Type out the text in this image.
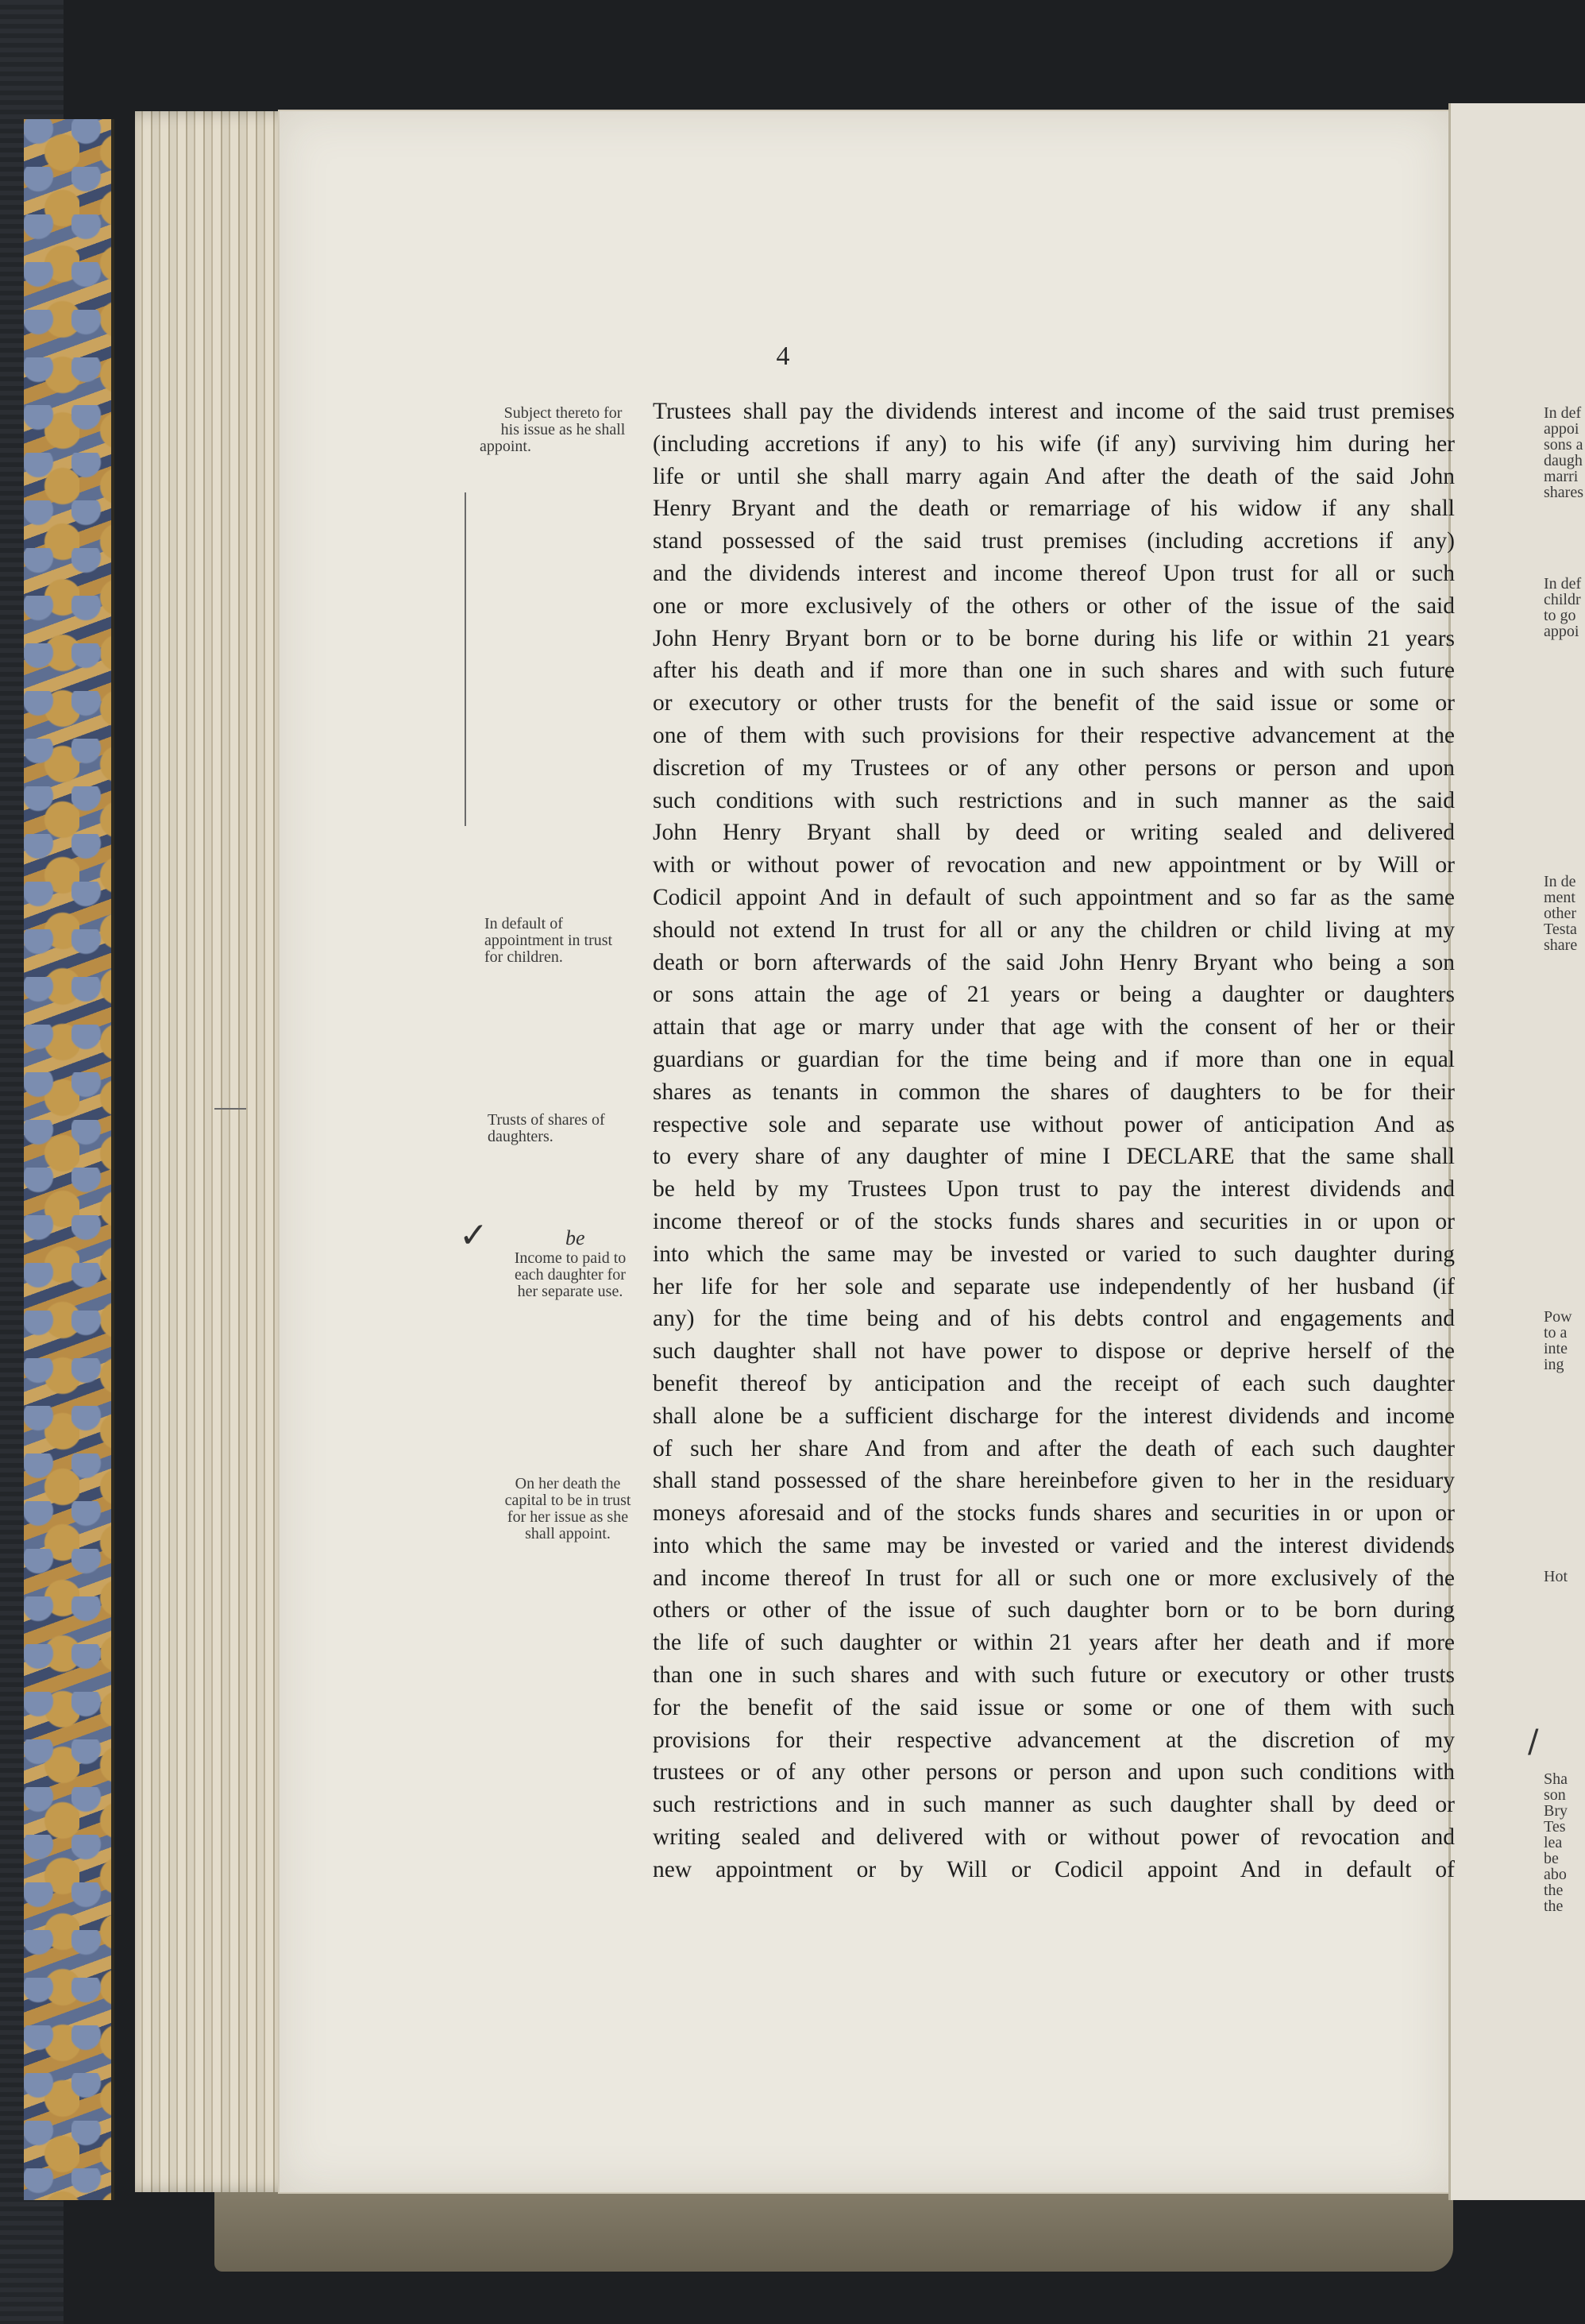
4
Subject thereto for
his issue as he shall
appoint.
In default of
appointment in trust
for children.
Trusts of shares of
daughters.
✓	be
Income to paid to
each daughter for
her separate use.
On her death the
capital to be in trust
for her issue as she
shall appoint.
Trustees shall pay the dividends interest and income of the said trust premises
(including accretions if any) to his wife (if any) surviving him during her
life or until she shall marry again And after the death of the said John
Henry Bryant and the death or remarriage of his widow if any shall
stand possessed of the said trust premises (including accretions if any)
and the dividends interest and income thereof Upon trust for all or such
one or more exclusively of the others or other of the issue of the said
John Henry Bryant born or to be borne during his life or within 21 years
after his death and if more than one in such shares and with such future
or executory or other trusts for the benefit of the said issue or some or
one of them with such provisions for their respective advancement at the
discretion of my Trustees or of any other persons or person and upon
such conditions with such restrictions and in such manner as the said
John Henry Bryant shall by deed or writing sealed and delivered
with or without power of revocation and new appointment or by Will or
Codicil appoint And in default of such appointment and so far as the same
should not extend In trust for all or any the children or child living at my
death or born afterwards of the said John Henry Bryant who being a son
or sons attain the age of 21 years or being a daughter or daughters
attain that age or marry under that age with the consent of her or their
guardians or guardian for the time being and if more than one in equal
shares as tenants in common the shares of daughters to be for their
respective sole and separate use without power of anticipation And as
to every share of any daughter of mine I DECLARE that the same shall
be held by my Trustees Upon trust to pay the interest dividends and
income thereof or of the stocks funds shares and securities in or upon or
into which the same may be invested or varied to such daughter during
her life for her sole and separate use independently of her husband (if
any) for the time being and of his debts control and engagements and
such daughter shall not have power to dispose or deprive herself of the
benefit thereof by anticipation and the receipt of each such daughter
shall alone be a sufficient discharge for the interest dividends and income
of such her share And from and after the death of each such daughter
shall stand possessed of the share hereinbefore given to her in the residuary
moneys aforesaid and of the stocks funds shares and securities in or upon or
into which the same may be invested or varied and the interest dividends
and income thereof In trust for all or such one or more exclusively of the
others or other of the issue of such daughter born or to be born during
the life of such daughter or within 21 years after her death and if more
than one in such shares and with such future or executory or other trusts
for the benefit of the said issue or some or one of them with such
provisions for their respective advancement at the discretion of my
trustees or of any other persons or person and upon such conditions with
such restrictions and in such manner as such daughter shall by deed or
writing sealed and delivered with or without power of revocation and
new appointment or by Will or Codicil appoint And in default of
In def
appoi
sons a
daugh
marri
shares
In def
childr
to go
appoi
In de
ment
other
Testa
share
Pow
to a
inte
ing
Hot
Sha
son
Bry
Tes
lea
be
abo
the
the
/
